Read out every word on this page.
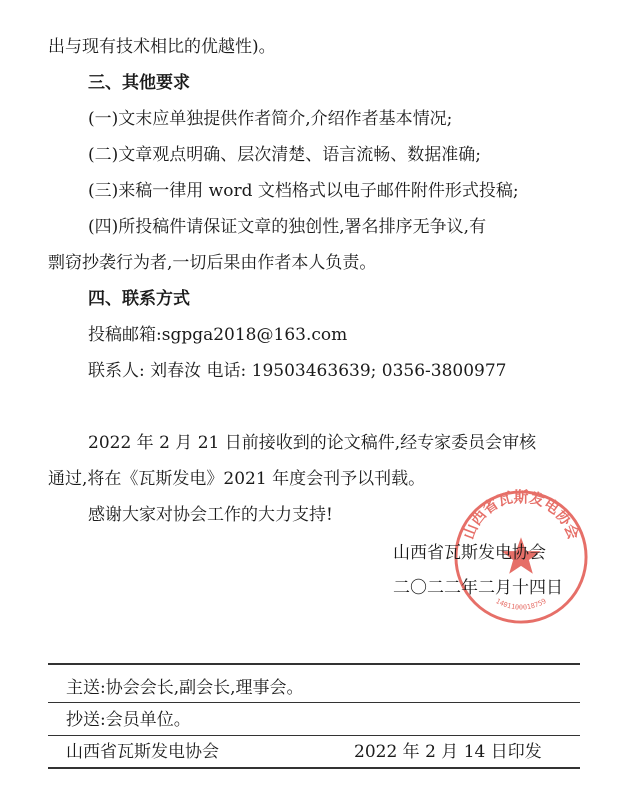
出与现有技术相比的优越性)。
三、其他要求
(一)文末应单独提供作者简介,介绍作者基本情况;
(二)文章观点明确、层次清楚、语言流畅、数据准确;
(三)来稿一律用 word 文档格式以电子邮件附件形式投稿;
(四)所投稿件请保证文章的独创性,署名排序无争议,有
剽窃抄袭行为者,一切后果由作者本人负责。
四、联系方式
投稿邮箱:sgpga2018@163.com
联系人: 刘春汝 电话: 19503463639; 0356-3800977
2022 年 2 月 21 日前接收到的论文稿件,经专家委员会审核
通过,将在《瓦斯发电》2021 年度会刊予以刊载。
感谢大家对协会工作的大力支持!
山西省瓦斯发电协会
1401100018759
山西省瓦斯发电协会
二〇二二年二月十四日
主送:协会会长,副会长,理事会。
抄送:会员单位。
山西省瓦斯发电协会	2022 年 2 月 14 日印发
